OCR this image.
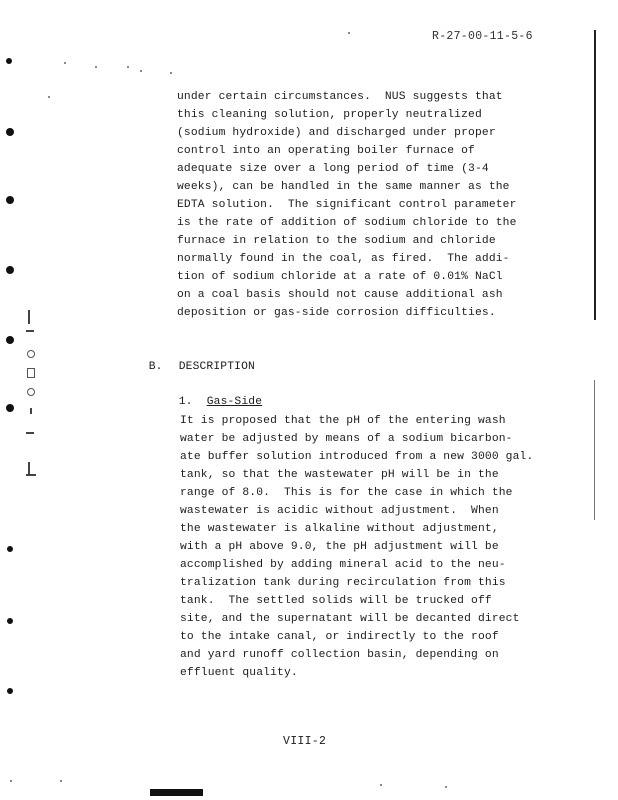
R-27-00-11-5-6
under certain circumstances.  NUS suggests that
this cleaning solution, properly neutralized
(sodium hydroxide) and discharged under proper
control into an operating boiler furnace of
adequate size over a long period of time (3-4
weeks), can be handled in the same manner as the
EDTA solution.  The significant control parameter
is the rate of addition of sodium chloride to the
furnace in relation to the sodium and chloride
normally found in the coal, as fired.  The addi-
tion of sodium chloride at a rate of 0.01% NaCl
on a coal basis should not cause additional ash
deposition or gas-side corrosion difficulties.

B. DESCRIPTION

1. Gas-Side

It is proposed that the pH of the entering wash
water be adjusted by means of a sodium bicarbon-
ate buffer solution introduced from a new 3000 gal.
tank, so that the wastewater pH will be in the
range of 8.0.  This is for the case in which the
wastewater is acidic without adjustment.  When
the wastewater is alkaline without adjustment,
with a pH above 9.0, the pH adjustment will be
accomplished by adding mineral acid to the neu-
tralization tank during recirculation from this
tank.  The settled solids will be trucked off
site, and the supernatant will be decanted direct
to the intake canal, or indirectly to the roof
and yard runoff collection basin, depending on
effluent quality.
VIII-2
